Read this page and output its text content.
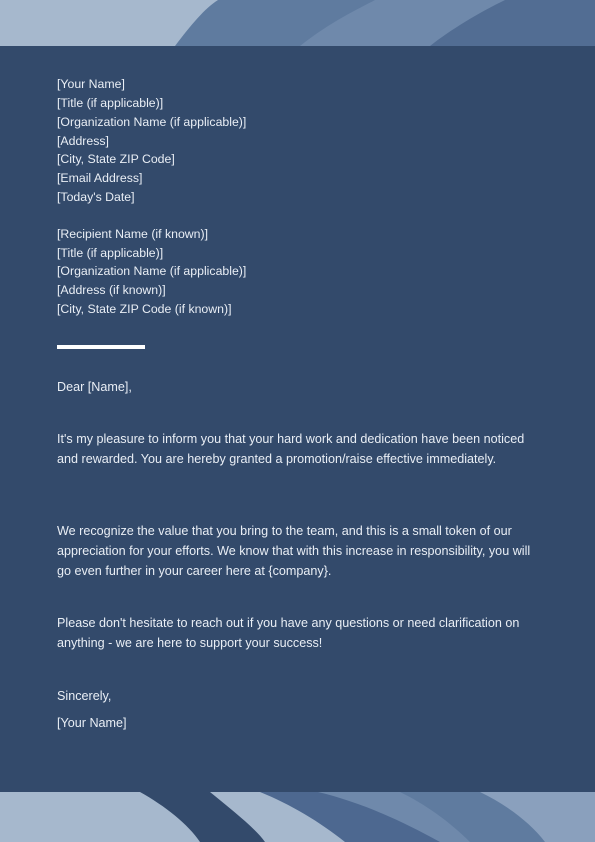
[Your Name]
[Title (if applicable)]
[Organization Name (if applicable)]
[Address]
[City, State ZIP Code]
[Email Address]
[Today's Date]
[Recipient Name (if known)]
[Title (if applicable)]
[Organization Name (if applicable)]
[Address (if known)]
[City, State ZIP Code (if known)]
Dear [Name],
It's my pleasure to inform you that your hard work and dedication have been noticed and rewarded. You are hereby granted a promotion/raise effective immediately.
We recognize the value that you bring to the team, and this is a small token of our appreciation for your efforts. We know that with this increase in responsibility, you will go even further in your career here at {company}.
Please don't hesitate to reach out if you have any questions or need clarification on anything - we are here to support your success!
Sincerely,
[Your Name]
